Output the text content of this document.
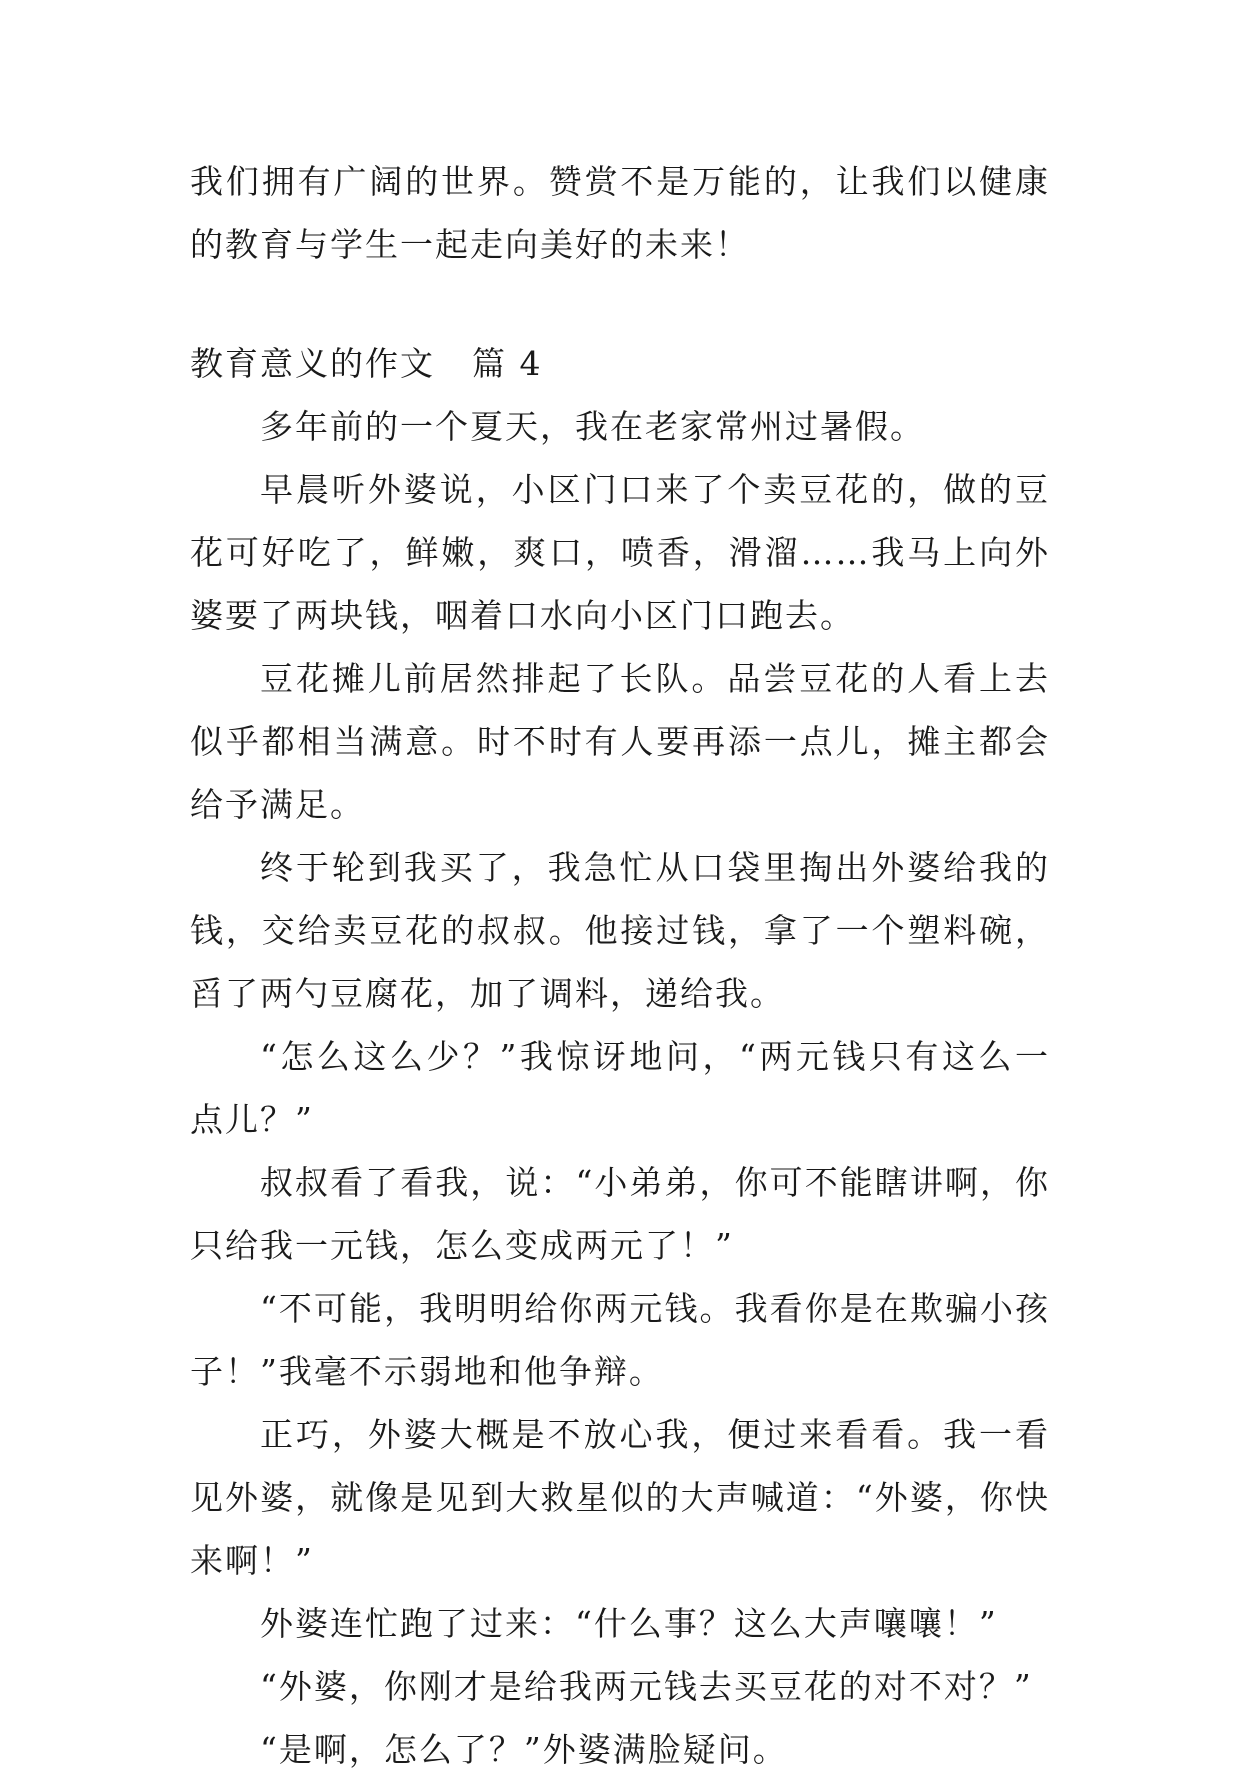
我们拥有广阔的世界。赞赏不是万能的，让我们以健康的教育与学生一起走向美好的未来！

教育意义的作文 篇 4

多年前的一个夏天，我在老家常州过暑假。

早晨听外婆说，小区门口来了个卖豆花的，做的豆花可好吃了，鲜嫩，爽口，喷香，滑溜……我马上向外婆要了两块钱，咽着口水向小区门口跑去。

豆花摊儿前居然排起了长队。品尝豆花的人看上去似乎都相当满意。时不时有人要再添一点儿，摊主都会给予满足。

终于轮到我买了，我急忙从口袋里掏出外婆给我的钱，交给卖豆花的叔叔。他接过钱，拿了一个塑料碗，舀了两勺豆腐花，加了调料，递给我。

“怎么这么少？”我惊讶地问，“两元钱只有这么一点儿？”

叔叔看了看我，说：“小弟弟，你可不能瞎讲啊，你只给我一元钱，怎么变成两元了！”

“不可能，我明明给你两元钱。我看你是在欺骗小孩子！”我毫不示弱地和他争辩。

正巧，外婆大概是不放心我，便过来看看。我一看见外婆，就像是见到大救星似的大声喊道：“外婆，你快来啊！”

外婆连忙跑了过来：“什么事？这么大声嚷嚷！”

“外婆，你刚才是给我两元钱去买豆花的对不对？”

“是啊，怎么了？”外婆满脸疑问。
